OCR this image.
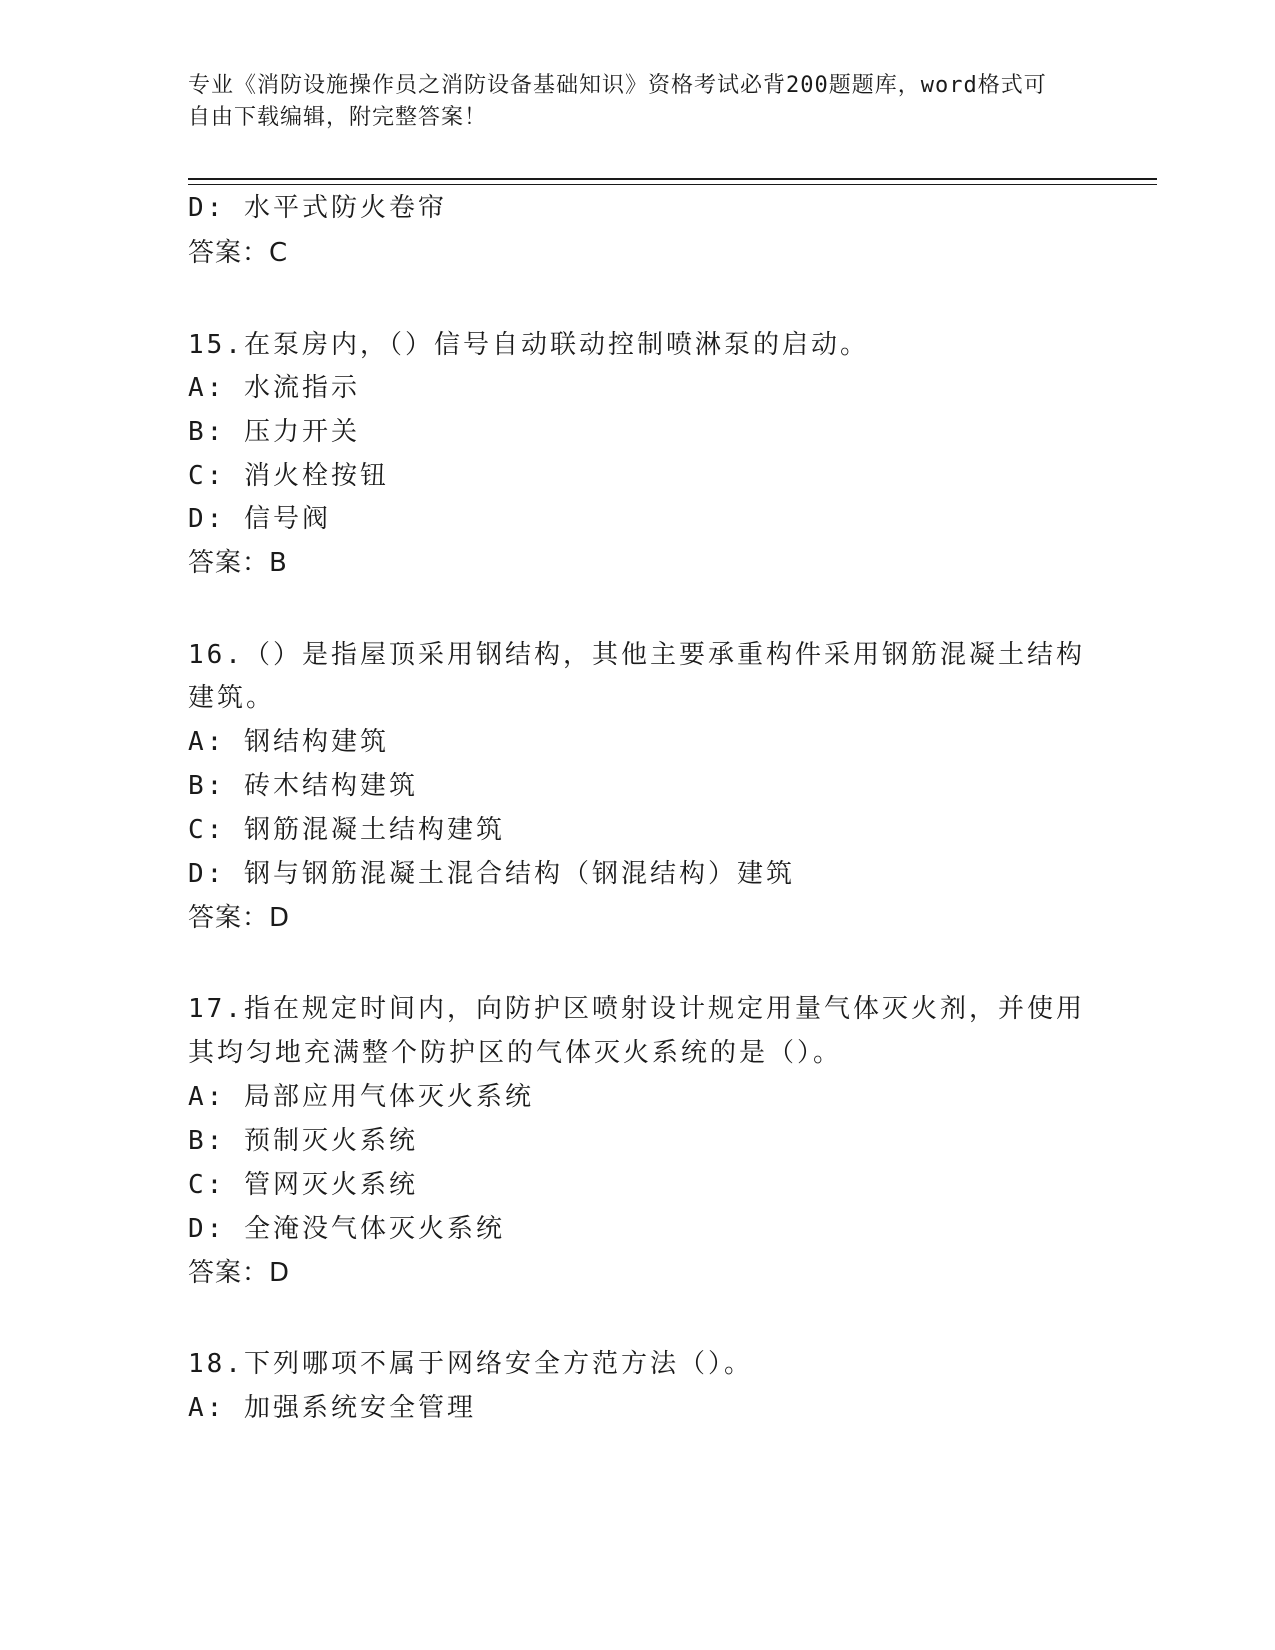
专业《消防设施操作员之消防设备基础知识》资格考试必背200题题库，word格式可自由下载编辑，附完整答案！
D: 水平式防火卷帘
答案：C
15.在泵房内，（）信号自动联动控制喷淋泵的启动。
A: 水流指示
B: 压力开关
C: 消火栓按钮
D: 信号阀
答案：B
16.（）是指屋顶采用钢结构，其他主要承重构件采用钢筋混凝土结构
建筑。
A: 钢结构建筑
B: 砖木结构建筑
C: 钢筋混凝土结构建筑
D: 钢与钢筋混凝土混合结构（钢混结构）建筑
答案：D
17.指在规定时间内，向防护区喷射设计规定用量气体灭火剂，并使用
其均匀地充满整个防护区的气体灭火系统的是（）。
A: 局部应用气体灭火系统
B: 预制灭火系统
C: 管网灭火系统
D: 全淹没气体灭火系统
答案：D
18.下列哪项不属于网络安全方范方法（）。
A: 加强系统安全管理
